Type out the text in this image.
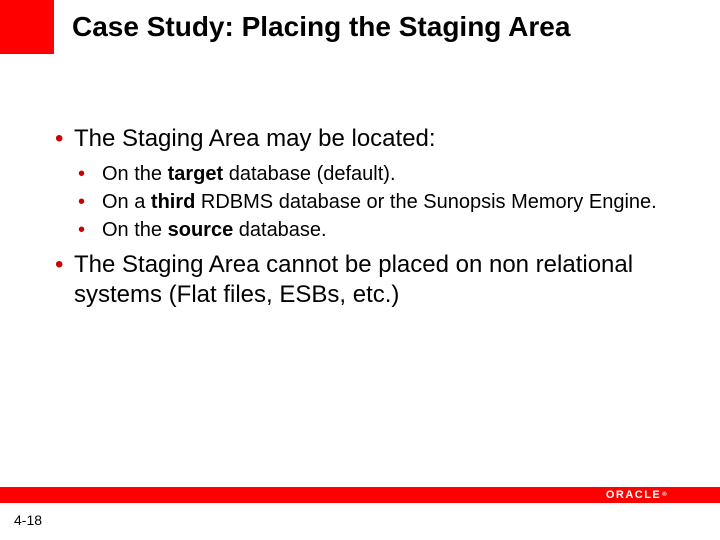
Case Study: Placing the Staging Area
• The Staging Area may be located:
• On the target database (default).
• On a third RDBMS database or the Sunopsis Memory Engine.
• On the source database.
• The Staging Area cannot be placed on non relational systems (Flat files, ESBs, etc.)
ORACLE ®
4-18
